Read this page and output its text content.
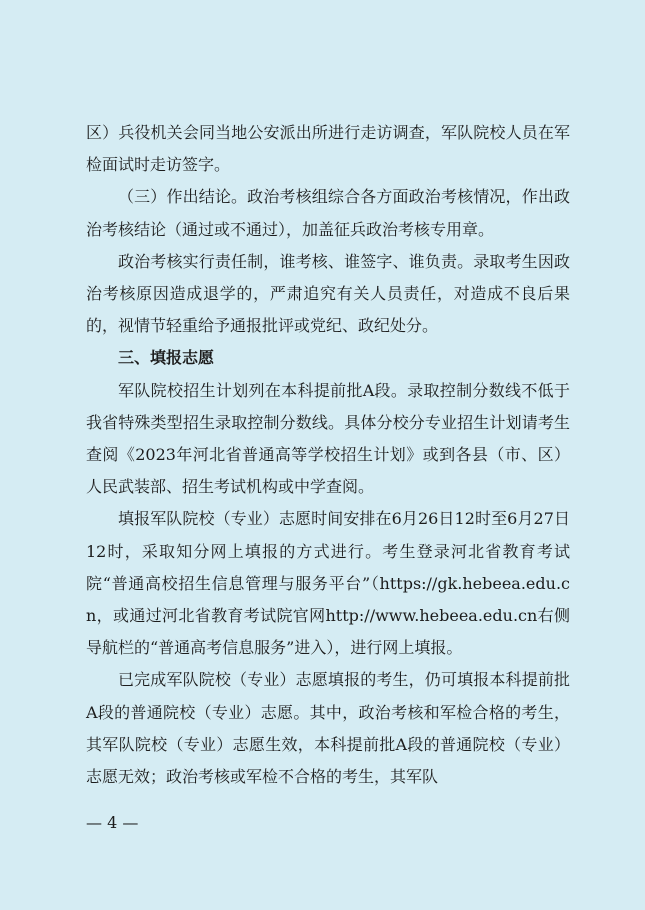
区）兵役机关会同当地公安派出所进行走访调查，军队院校人员在军检面试时走访签字。

（三）作出结论。政治考核组综合各方面政治考核情况，作出政治考核结论（通过或不通过），加盖征兵政治考核专用章。

政治考核实行责任制，谁考核、谁签字、谁负责。录取考生因政治考核原因造成退学的，严肃追究有关人员责任，对造成不良后果的，视情节轻重给予通报批评或党纪、政纪处分。

三、填报志愿

军队院校招生计划列在本科提前批A段。录取控制分数线不低于我省特殊类型招生录取控制分数线。具体分校分专业招生计划请考生查阅《2023年河北省普通高等学校招生计划》或到各县（市、区）人民武装部、招生考试机构或中学查阅。

填报军队院校（专业）志愿时间安排在6月26日12时至6月27日12时，采取知分网上填报的方式进行。考生登录河北省教育考试院“普通高校招生信息管理与服务平台”（https://gk.hebeea.edu.cn，或通过河北省教育考试院官网http://www.hebeea.edu.cn右侧导航栏的“普通高考信息服务”进入），进行网上填报。

已完成军队院校（专业）志愿填报的考生，仍可填报本科提前批A段的普通院校（专业）志愿。其中，政治考核和军检合格的考生，其军队院校（专业）志愿生效，本科提前批A段的普通院校（专业）志愿无效；政治考核或军检不合格的考生，其军队

— 4 —
